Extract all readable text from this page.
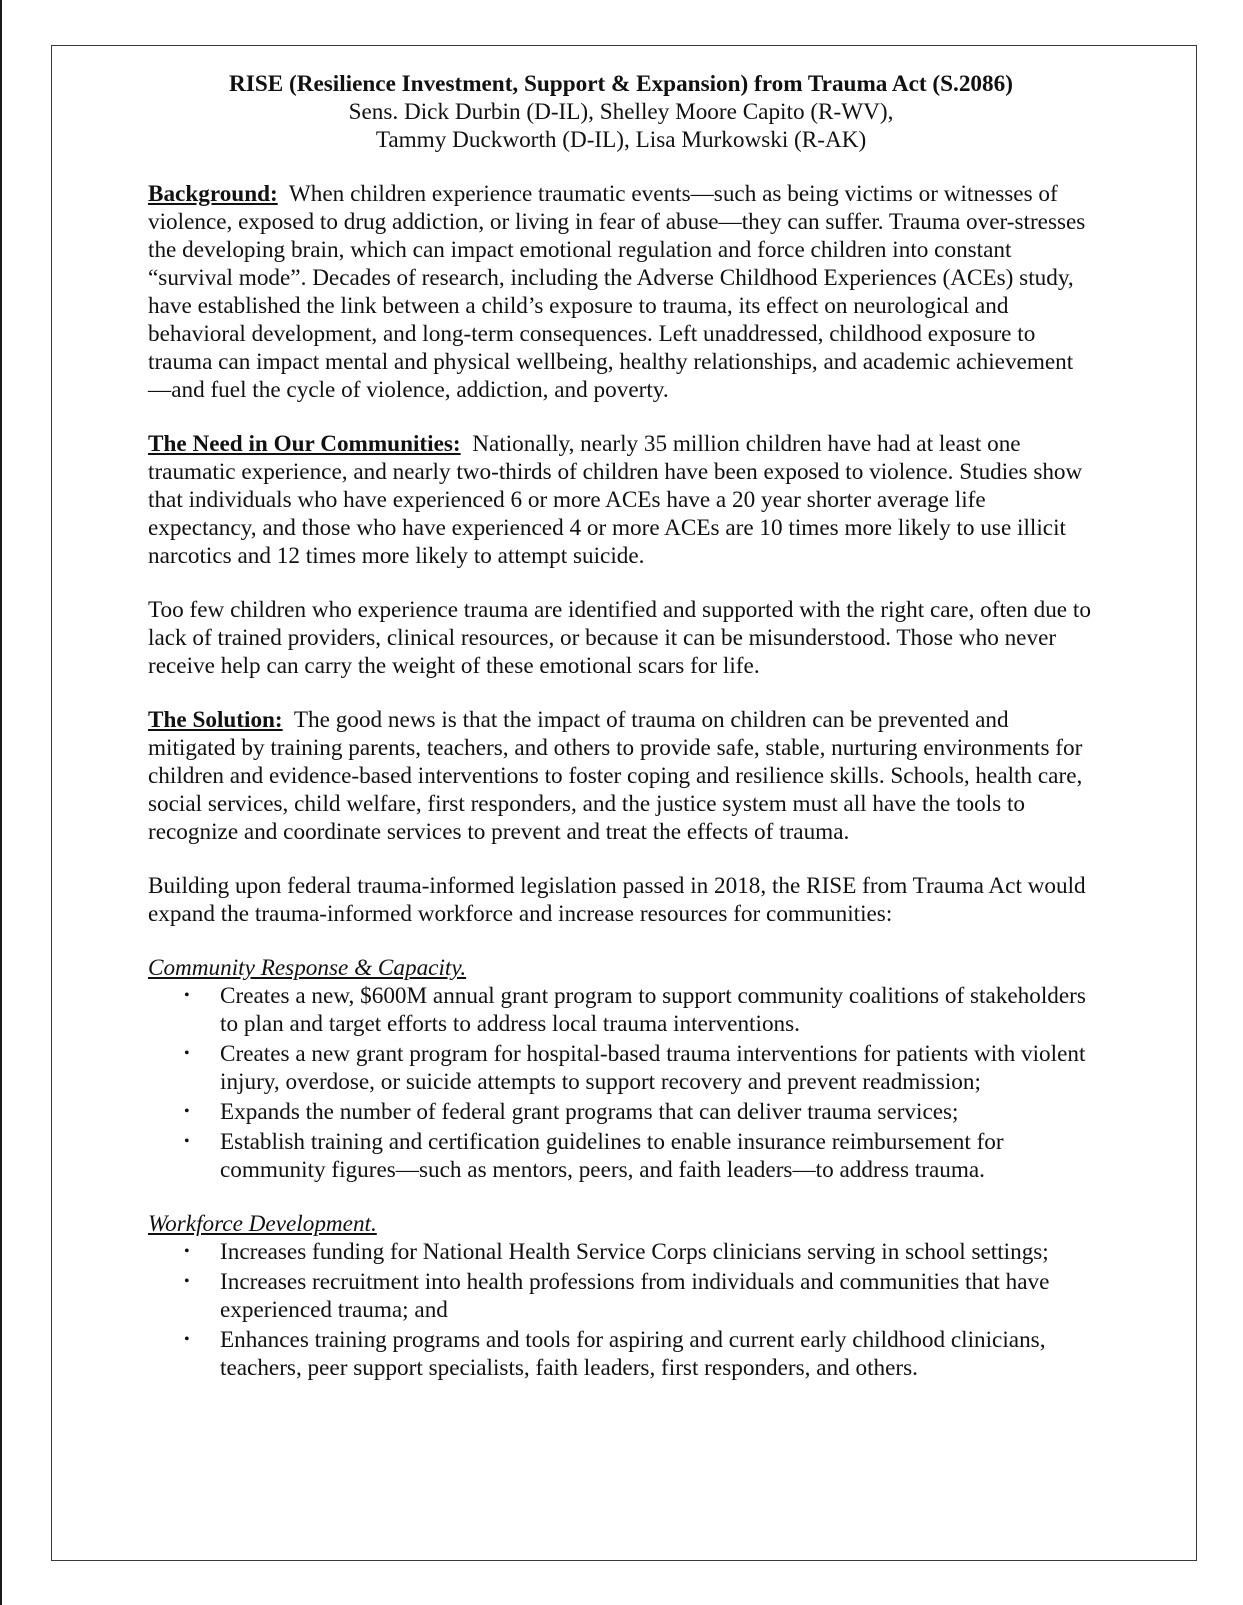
RISE (Resilience Investment, Support & Expansion) from Trauma Act (S.2086)
Sens. Dick Durbin (D-IL), Shelley Moore Capito (R-WV),
Tammy Duckworth (D-IL), Lisa Murkowski (R-AK)

Background: When children experience traumatic events—such as being victims or witnesses of violence, exposed to drug addiction, or living in fear of abuse—they can suffer. Trauma over-stresses the developing brain, which can impact emotional regulation and force children into constant “survival mode”. Decades of research, including the Adverse Childhood Experiences (ACEs) study, have established the link between a child’s exposure to trauma, its effect on neurological and behavioral development, and long-term consequences. Left unaddressed, childhood exposure to trauma can impact mental and physical wellbeing, healthy relationships, and academic achievement—and fuel the cycle of violence, addiction, and poverty.

The Need in Our Communities: Nationally, nearly 35 million children have had at least one traumatic experience, and nearly two-thirds of children have been exposed to violence. Studies show that individuals who have experienced 6 or more ACEs have a 20 year shorter average life expectancy, and those who have experienced 4 or more ACEs are 10 times more likely to use illicit narcotics and 12 times more likely to attempt suicide.

Too few children who experience trauma are identified and supported with the right care, often due to lack of trained providers, clinical resources, or because it can be misunderstood. Those who never receive help can carry the weight of these emotional scars for life.

The Solution: The good news is that the impact of trauma on children can be prevented and mitigated by training parents, teachers, and others to provide safe, stable, nurturing environments for children and evidence-based interventions to foster coping and resilience skills. Schools, health care, social services, child welfare, first responders, and the justice system must all have the tools to recognize and coordinate services to prevent and treat the effects of trauma.

Building upon federal trauma-informed legislation passed in 2018, the RISE from Trauma Act would expand the trauma-informed workforce and increase resources for communities:

Community Response & Capacity.

• Creates a new, $600M annual grant program to support community coalitions of stakeholders to plan and target efforts to address local trauma interventions.
• Creates a new grant program for hospital-based trauma interventions for patients with violent injury, overdose, or suicide attempts to support recovery and prevent readmission;
• Expands the number of federal grant programs that can deliver trauma services;
• Establish training and certification guidelines to enable insurance reimbursement for community figures—such as mentors, peers, and faith leaders—to address trauma.

Workforce Development.

• Increases funding for National Health Service Corps clinicians serving in school settings;
• Increases recruitment into health professions from individuals and communities that have experienced trauma; and
• Enhances training programs and tools for aspiring and current early childhood clinicians, teachers, peer support specialists, faith leaders, first responders, and others.
